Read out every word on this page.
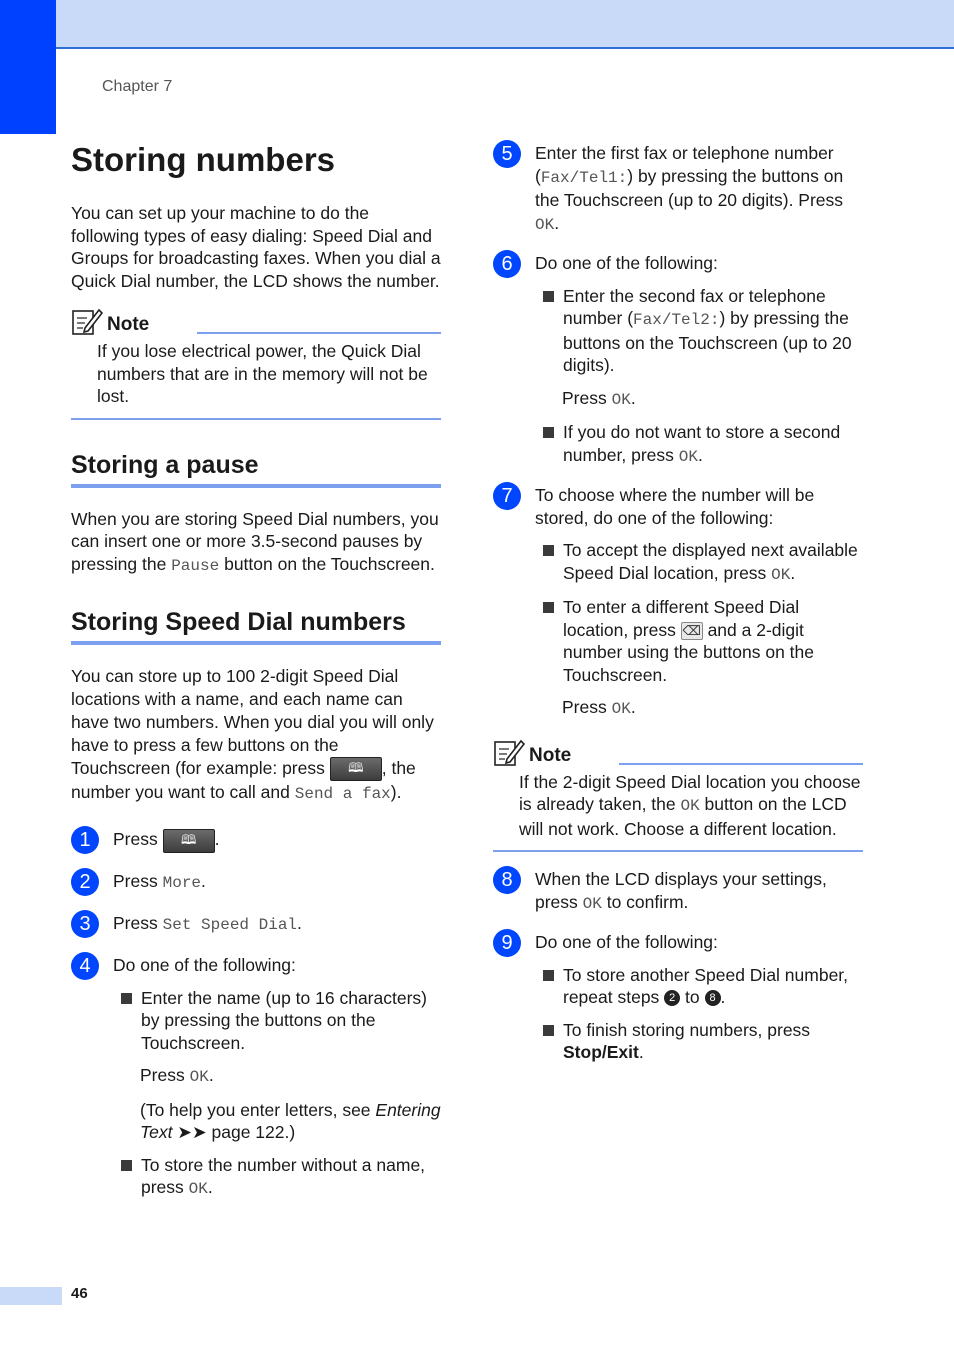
Chapter 7
Storing numbers

You can set up your machine to do the following types of easy dialing: Speed Dial and Groups for broadcasting faxes. When you dial a Quick Dial number, the LCD shows the number.

Note

If you lose electrical power, the Quick Dial numbers that are in the memory will not be lost.

Storing a pause

When you are storing Speed Dial numbers, you can insert one or more 3.5-second pauses by pressing the Pause button on the Touchscreen.

Storing Speed Dial numbers

You can store up to 100 2-digit Speed Dial locations with a name, and each name can have two numbers. When you dial you will only have to press a few buttons on the Touchscreen (for example: press 🕮 , the number you want to call and Send a fax).

1	Press 🕮 .
2	Press More.
3	Press Set Speed Dial.
4	Do one of the following:
Enter the name (up to 16 characters) by pressing the buttons on the Touchscreen.
Press OK.
(To help you enter letters, see Entering Text ➤➤ page 122.)
To store the number without a name, press OK.
5	Enter the first fax or telephone number (Fax/Tel1:) by pressing the buttons on the Touchscreen (up to 20 digits). Press OK.
6	Do one of the following:
Enter the second fax or telephone number (Fax/Tel2:) by pressing the buttons on the Touchscreen (up to 20 digits).
Press OK.
If you do not want to store a second number, press OK.
7	To choose where the number will be stored, do one of the following:
To accept the displayed next available Speed Dial location, press OK.
To enter a different Speed Dial location, press ⌫ and a 2-digit number using the buttons on the Touchscreen.
Press OK.
Note

If the 2-digit Speed Dial location you choose is already taken, the OK button on the LCD will not work. Choose a different location.

8	When the LCD displays your settings, press OK to confirm.
9	Do one of the following:
To store another Speed Dial number, repeat steps 2 to 8 .
To finish storing numbers, press Stop/Exit.
46
